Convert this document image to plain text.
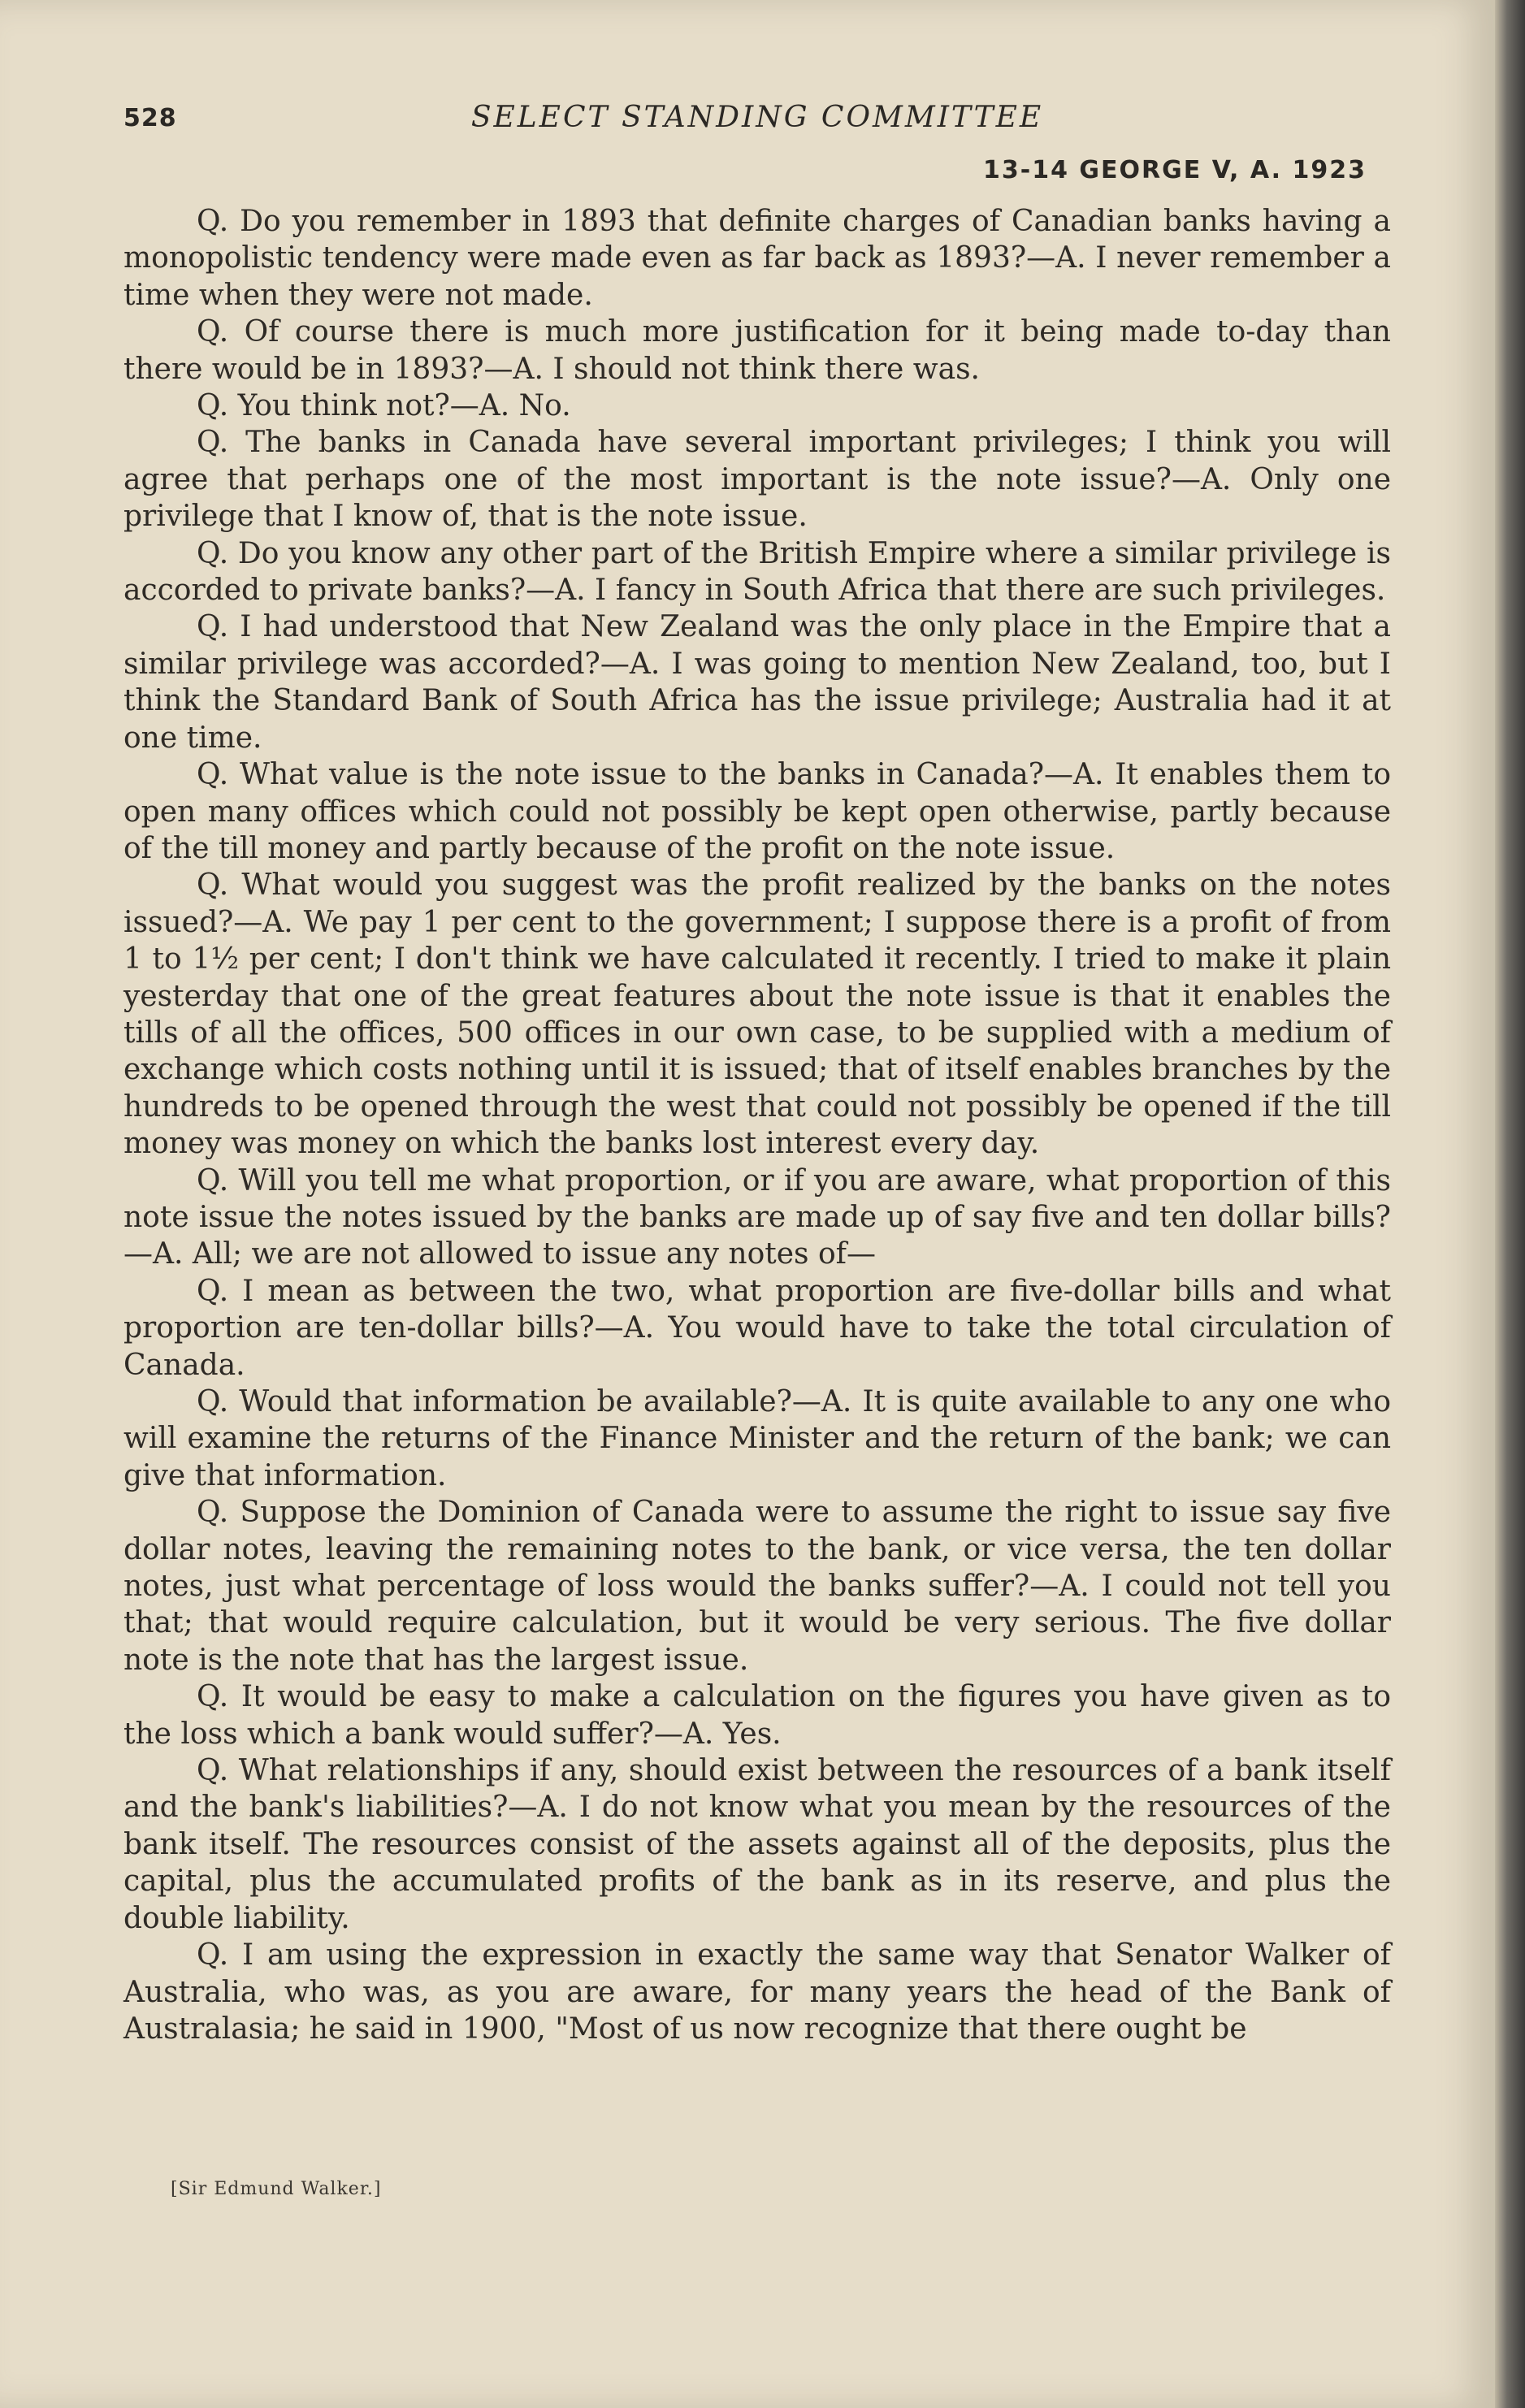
528	SELECT STANDING COMMITTEE
13-14 GEORGE V, A. 1923

Q. Do you remember in 1893 that definite charges of Canadian banks having a monopolistic tendency were made even as far back as 1893?—A. I never remember a time when they were not made.

Q. Of course there is much more justification for it being made to-day than there would be in 1893?—A. I should not think there was.

Q. You think not?—A. No.

Q. The banks in Canada have several important privileges; I think you will agree that perhaps one of the most important is the note issue?—A. Only one privilege that I know of, that is the note issue.

Q. Do you know any other part of the British Empire where a similar privilege is accorded to private banks?—A. I fancy in South Africa that there are such privileges.

Q. I had understood that New Zealand was the only place in the Empire that a similar privilege was accorded?—A. I was going to mention New Zealand, too, but I think the Standard Bank of South Africa has the issue privilege; Australia had it at one time.

Q. What value is the note issue to the banks in Canada?—A. It enables them to open many offices which could not possibly be kept open otherwise, partly because of the till money and partly because of the profit on the note issue.

Q. What would you suggest was the profit realized by the banks on the notes issued?—A. We pay 1 per cent to the government; I suppose there is a profit of from 1 to 1½ per cent; I don't think we have calculated it recently. I tried to make it plain yesterday that one of the great features about the note issue is that it enables the tills of all the offices, 500 offices in our own case, to be supplied with a medium of exchange which costs nothing until it is issued; that of itself enables branches by the hundreds to be opened through the west that could not possibly be opened if the till money was money on which the banks lost interest every day.

Q. Will you tell me what proportion, or if you are aware, what proportion of this note issue the notes issued by the banks are made up of say five and ten dollar bills?—A. All; we are not allowed to issue any notes of—

Q. I mean as between the two, what proportion are five-dollar bills and what proportion are ten-dollar bills?—A. You would have to take the total circulation of Canada.

Q. Would that information be available?—A. It is quite available to any one who will examine the returns of the Finance Minister and the return of the bank; we can give that information.

Q. Suppose the Dominion of Canada were to assume the right to issue say five dollar notes, leaving the remaining notes to the bank, or vice versa, the ten dollar notes, just what percentage of loss would the banks suffer?—A. I could not tell you that; that would require calculation, but it would be very serious. The five dollar note is the note that has the largest issue.

Q. It would be easy to make a calculation on the figures you have given as to the loss which a bank would suffer?—A. Yes.

Q. What relationships if any, should exist between the resources of a bank itself and the bank's liabilities?—A. I do not know what you mean by the resources of the bank itself. The resources consist of the assets against all of the deposits, plus the capital, plus the accumulated profits of the bank as in its reserve, and plus the double liability.

Q. I am using the expression in exactly the same way that Senator Walker of Australia, who was, as you are aware, for many years the head of the Bank of Australasia; he said in 1900, "Most of us now recognize that there ought be

[Sir Edmund Walker.]
